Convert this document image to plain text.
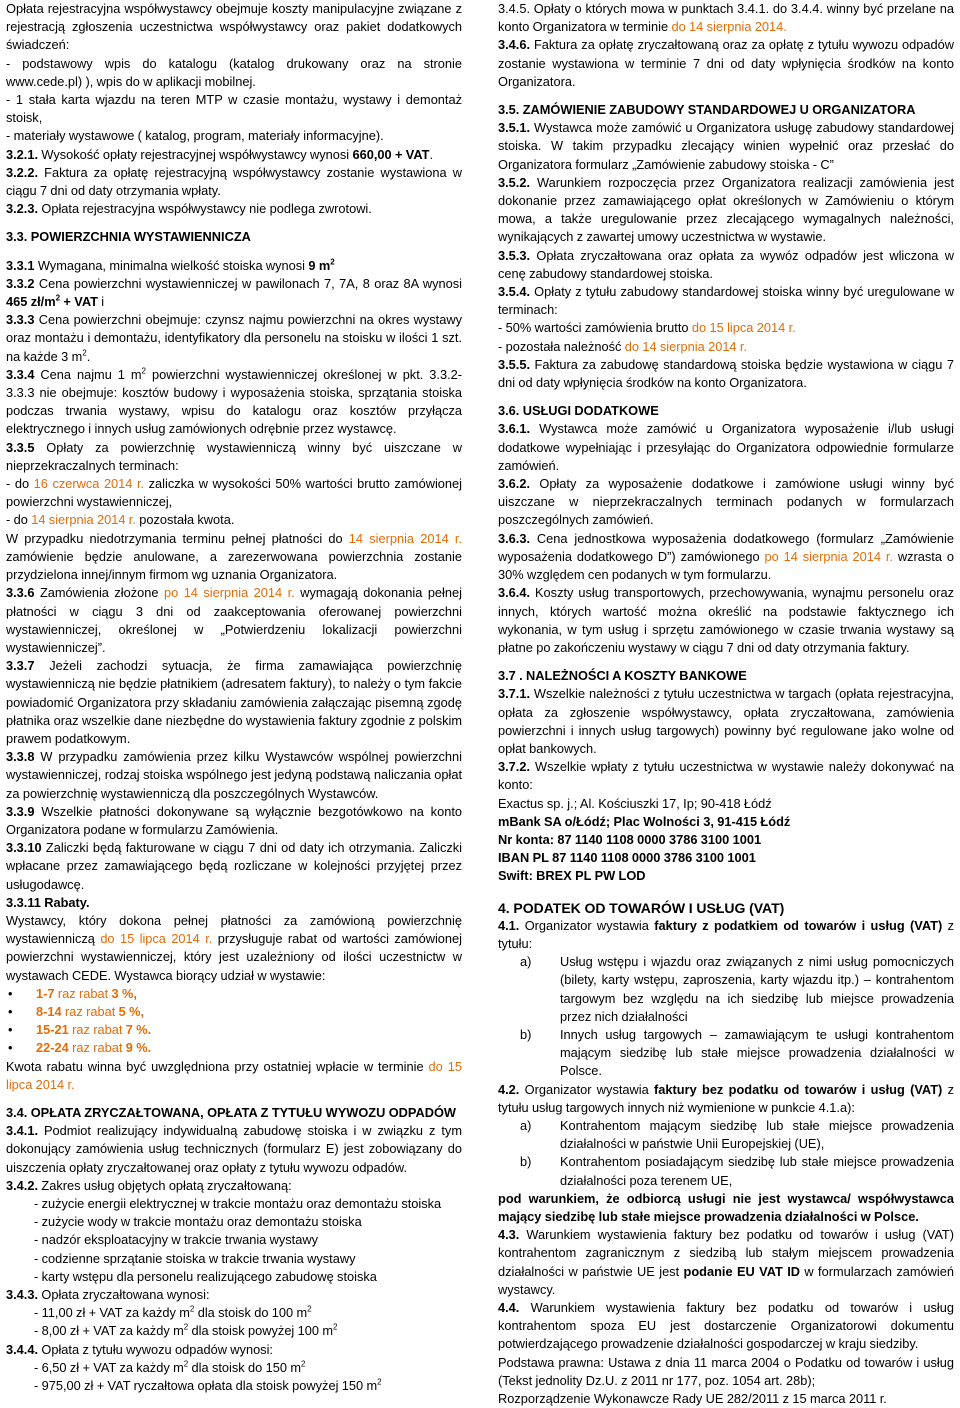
Opłata rejestracyjna współwystawcy obejmuje koszty manipulacyjne związane z rejestracją zgłoszenia uczestnictwa współwystawcy oraz pakiet dodatkowych świadczeń:
- podstawowy wpis do katalogu (katalog drukowany oraz na stronie www.cede.pl) ), wpis do w aplikacji mobilnej.
- 1 stała karta wjazdu na teren MTP w czasie montażu, wystawy i demontaż stoisk,
- materiały wystawowe ( katalog, program, materiały informacyjne).
3.2.1. Wysokość opłaty rejestracyjnej współwystawcy wynosi 660,00 + VAT.
3.2.2. Faktura za opłatę rejestracyjną współwystawcy zostanie wystawiona w ciągu 7 dni od daty otrzymania wpłaty.
3.2.3. Opłata rejestracyjna współwystawcy nie podlega zwrotowi.
3.3. POWIERZCHNIA WYSTAWIENNICZA
3.3.1 Wymagana, minimalna wielkość stoiska wynosi 9 $m^2$
3.3.2 Cena powierzchni wystawienniczej w pawilonach 7, 7A, 8 oraz 8A wynosi 465 $zł/m^2$ + VAT i
3.3.3 Cena powierzchni obejmuje: czynsz najmu powierzchni na okres wystawy oraz montażu i demontażu, identyfikatory dla personelu na stoisku w ilości 1 szt. na każde 3 $m^2$.
3.3.4 Cena najmu 1 $m^2$ powierzchni wystawienniczej określonej w pkt. 3.3.2-3.3.3 nie obejmuje: kosztów budowy i wyposażenia stoiska, sprzątania stoiska podczas trwania wystawy, wpisu do katalogu oraz kosztów przyłącza elektrycznego i innych usług zamówionych odrębnie przez wystawcę.
3.3.5 Opłaty za powierzchnię wystawienniczą winny być uiszczane w nieprzekraczalnych terminach:
- do 16 czerwca 2014 r. zaliczka w wysokości 50% wartości brutto zamówionej powierzchni wystawienniczej,
- do 14 sierpnia 2014 r. pozostała kwota.
W przypadku niedotrzymania terminu pełnej płatności do 14 sierpnia 2014 r. zamówienie będzie anulowane, a zarezerwowana powierzchnia zostanie przydzielona innej/innym firmom wg uznania Organizatora.
3.3.6 Zamówienia złożone po 14 sierpnia 2014 r. wymagają dokonania pełnej płatności w ciągu 3 dni od zaakceptowania oferowanej powierzchni wystawienniczej, określonej w „Potwierdzeniu lokalizacji powierzchni wystawienniczej”.
3.3.7 Jeżeli zachodzi sytuacja, że firma zamawiająca powierzchnię wystawienniczą nie będzie płatnikiem (adresatem faktury), to należy o tym fakcie powiadomić Organizatora przy składaniu zamówienia załączając pisemną zgodę płatnika oraz wszelkie dane niezbędne do wystawienia faktury zgodnie z polskim prawem podatkowym.
3.3.8 W przypadku zamówienia przez kilku Wystawców wspólnej powierzchni wystawienniczej, rodzaj stoiska wspólnego jest jedyną podstawą naliczania opłat za powierzchnię wystawienniczą dla poszczególnych Wystawców.
3.3.9 Wszelkie płatności dokonywane są wyłącznie bezgotówkowo na konto Organizatora podane w formularzu Zamówienia.
3.3.10 Zaliczki będą fakturowane w ciągu 7 dni od daty ich otrzymania. Zaliczki wpłacane przez zamawiającego będą rozliczane w kolejności przyjętej przez usługodawcę.
3.3.11 Rabaty.
Wystawcy, który dokona pełnej płatności za zamówioną powierzchnię wystawienniczą do 15 lipca 2014 r. przysługuje rabat od wartości zamówionej powierzchni wystawienniczej, który jest uzależniony od ilości uczestnictw w wystawach CEDE. Wystawca biorący udział w wystawie:
•	1-7 raz rabat 3 %,
•	8-14 raz rabat 5 %,
•	15-21 raz rabat 7 %.
•	22-24 raz rabat 9 %.
Kwota rabatu winna być uwzględniona przy ostatniej wpłacie w terminie do 15 lipca 2014 r.
3.4. OPŁATA ZRYCZAŁTOWANA, OPŁATA Z TYTUŁU WYWOZU ODPADÓW
3.4.1. Podmiot realizujący indywidualną zabudowę stoiska i w związku z tym dokonujący zamówienia usług technicznych (formularz E) jest zobowiązany do uiszczenia opłaty zryczałtowanej oraz opłaty z tytułu wywozu odpadów.
3.4.2. Zakres usług objętych opłatą zryczałtowaną:
- zużycie energii elektrycznej w trakcie montażu oraz demontażu stoiska
- zużycie wody w trakcie montażu oraz demontażu stoiska
- nadzór eksploatacyjny w trakcie trwania wystawy
- codzienne sprzątanie stoiska w trakcie trwania wystawy
- karty wstępu dla personelu realizującego zabudowę stoiska
3.4.3. Opłata zryczałtowana wynosi:
- 11,00 zł + VAT za każdy $m^2$ dla stoisk do 100 $m^2$
- 8,00 zł + VAT za każdy $m^2$ dla stoisk powyżej 100 $m^2$
3.4.4. Opłata z tytułu wywozu odpadów wynosi:
- 6,50 zł + VAT za każdy $m^2$ dla stoisk do 150 $m^2$
- 975,00 zł + VAT ryczałtowa opłata dla stoisk powyżej 150 $m^2$
3.4.5. Opłaty o których mowa w punktach 3.4.1. do 3.4.4. winny być przelane na konto Organizatora w terminie do 14 sierpnia 2014.
3.4.6. Faktura za opłatę zryczałtowaną oraz za opłatę z tytułu wywozu odpadów zostanie wystawiona w terminie 7 dni od daty wpłynięcia środków na konto Organizatora.
3.5. ZAMÓWIENIE ZABUDOWY STANDARDOWEJ U ORGANIZATORA
3.5.1. Wystawca może zamówić u Organizatora usługę zabudowy standardowej stoiska. W takim przypadku zlecający winien wypełnić oraz przesłać do Organizatora formularz „Zamówienie zabudowy stoiska - C”
3.5.2. Warunkiem rozpoczęcia przez Organizatora realizacji zamówienia jest dokonanie przez zamawiającego opłat określonych w Zamówieniu o którym mowa, a także uregulowanie przez zlecającego wymagalnych należności, wynikających z zawartej umowy uczestnictwa w wystawie.
3.5.3. Opłata zryczałtowana oraz opłata za wywóz odpadów jest wliczona w cenę zabudowy standardowej stoiska.
3.5.4. Opłaty z tytułu zabudowy standardowej stoiska winny być uregulowane w terminach:
- 50% wartości zamówienia brutto do 15 lipca 2014 r.
- pozostała należność do 14 sierpnia 2014 r.
3.5.5. Faktura za zabudowę standardową stoiska będzie wystawiona w ciągu 7 dni od daty wpłynięcia środków na konto Organizatora.
3.6. USŁUGI DODATKOWE
3.6.1. Wystawca może zamówić u Organizatora wyposażenie i/lub usługi dodatkowe wypełniając i przesyłając do Organizatora odpowiednie formularze zamówień.
3.6.2. Opłaty za wyposażenie dodatkowe i zamówione usługi winny być uiszczane w nieprzekraczalnych terminach podanych w formularzach poszczególnych zamówień.
3.6.3. Cena jednostkowa wyposażenia dodatkowego (formularz „Zamówienie wyposażenia dodatkowego D”) zamówionego po 14 sierpnia 2014 r. wzrasta o 30% względem cen podanych w tym formularzu.
3.6.4. Koszty usług transportowych, przechowywania, wynajmu personelu oraz innych, których wartość można określić na podstawie faktycznego ich wykonania, w tym usług i sprzętu zamówionego w czasie trwania wystawy są płatne po zakończeniu wystawy w ciągu 7 dni od daty otrzymania faktury.
3.7 . NALEŻNOŚCI A KOSZTY BANKOWE
3.7.1. Wszelkie należności z tytułu uczestnictwa w targach (opłata rejestracyjna, opłata za zgłoszenie współwystawcy, opłata zryczałtowana, zamówienia powierzchni i innych usług targowych) powinny być regulowane jako wolne od opłat bankowych.
3.7.2. Wszelkie wpłaty z tytułu uczestnictwa w wystawie należy dokonywać na konto:
Exactus sp. j.; Al. Kościuszki 17, Ip; 90-418 Łódź
mBank SA o/Łódź; Plac Wolności 3, 91-415 Łódź
Nr konta: 87 1140 1108 0000 3786 3100 1001
IBAN PL 87 1140 1108 0000 3786 3100 1001
Swift: BREX PL PW LOD
4. PODATEK OD TOWARÓW I USŁUG (VAT)
4.1. Organizator wystawia faktury z podatkiem od towarów i usług (VAT) z tytułu:
a)	Usług wstępu i wjazdu oraz związanych z nimi usług pomocniczych (bilety, karty wstępu, zaproszenia, karty wjazdu itp.) – kontrahentom targowym bez względu na ich siedzibę lub miejsce prowadzenia przez nich działalności
b)	Innych usług targowych – zamawiającym te usługi kontrahentom mającym siedzibę lub stałe miejsce prowadzenia działalności w Polsce.
4.2. Organizator wystawia faktury bez podatku od towarów i usług (VAT) z tytułu usług targowych innych niż wymienione w punkcie 4.1.a):
a)	Kontrahentom mającym siedzibę lub stałe miejsce prowadzenia działalności w państwie Unii Europejskiej (UE),
b)	Kontrahentom posiadającym siedzibę lub stałe miejsce prowadzenia działalności poza terenem UE,
pod warunkiem, że odbiorcą usługi nie jest wystawca/ współwystawca mający siedzibę lub stałe miejsce prowadzenia działalności w Polsce.
4.3. Warunkiem wystawienia faktury bez podatku od towarów i usług (VAT) kontrahentom zagranicznym z siedzibą lub stałym miejscem prowadzenia działalności w państwie UE jest podanie EU VAT ID w formularzach zamówień wystawcy.
4.4. Warunkiem wystawienia faktury bez podatku od towarów i usług kontrahentom spoza EU jest dostarczenie Organizatorowi dokumentu potwierdzającego prowadzenie działalności gospodarczej w kraju siedziby.
Podstawa prawna: Ustawa z dnia 11 marca 2004 o Podatku od towarów i usług (Tekst jednolity Dz.U. z 2011 nr 177, poz. 1054 art. 28b);
Rozporządzenie Wykonawcze Rady UE 282/2011 z 15 marca 2011 r.
